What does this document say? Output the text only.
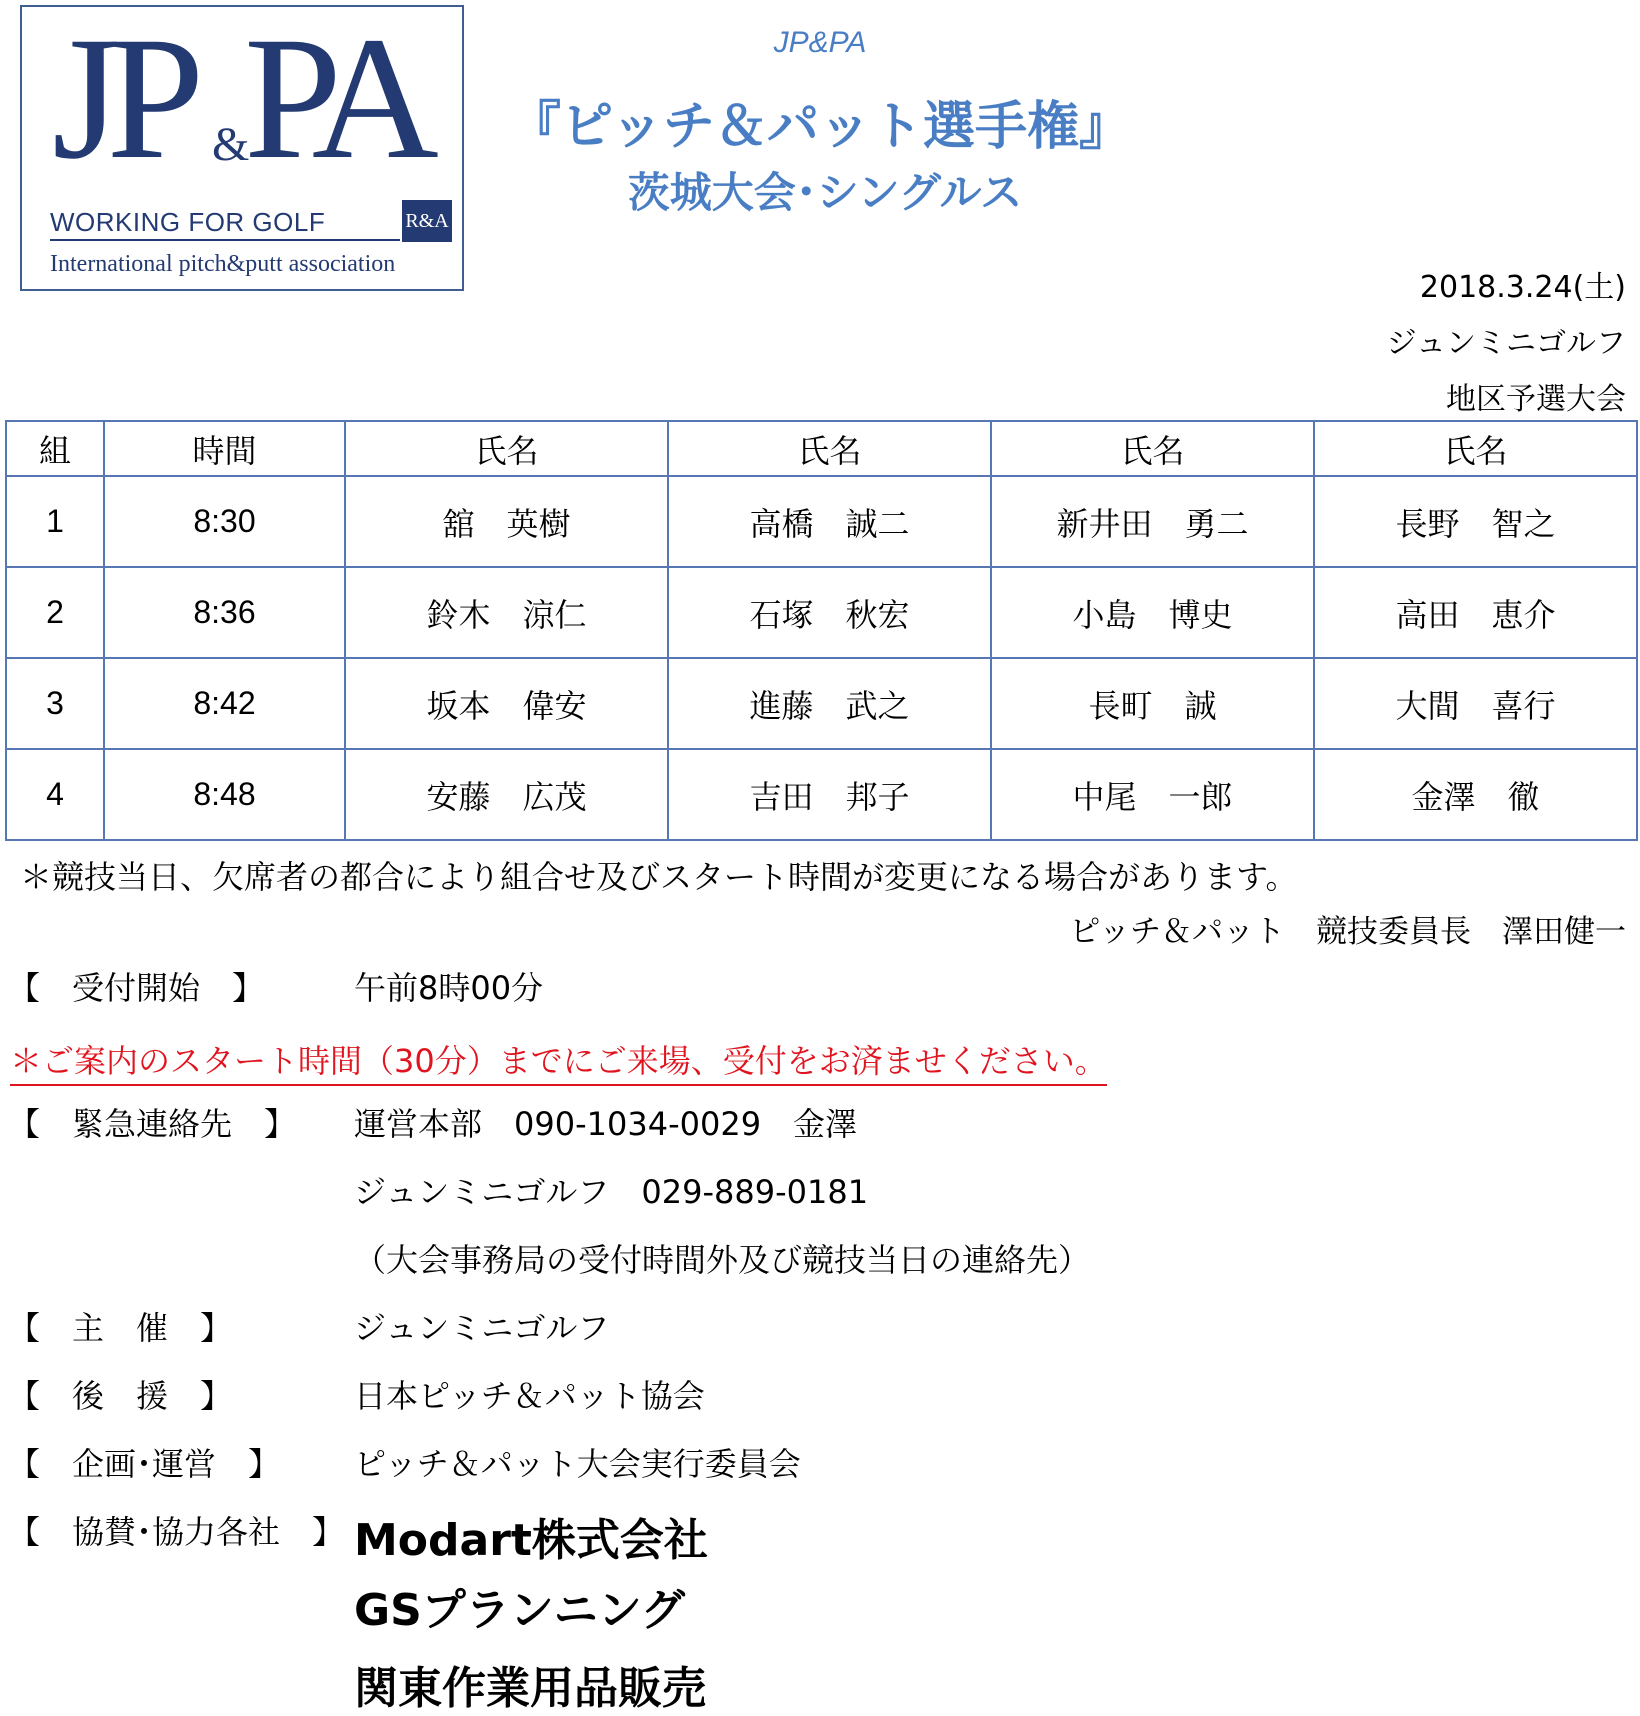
JP &
PA
WORKING FOR GOLF	R&A
International pitch&putt association
JP&PA
『ピッチ＆パット選手権』
茨城大会･シングルス
2018.3.24(土)
ジュンミニゴルフ
地区予選大会
組	時間	氏名	氏名	氏名	氏名
1	8:30	舘　英樹	高橋　誠二	新井田　勇二	長野　智之
2	8:36	鈴木　涼仁	石塚　秋宏	小島　博史	高田　恵介
3	8:42	坂本　偉安	進藤　武之	長町　誠	大間　喜行
4	8:48	安藤　広茂	吉田　邦子	中尾　一郎	金澤　徹
＊競技当日、欠席者の都合により組合せ及びスタート時間が変更になる場合があります。
ピッチ＆パット　競技委員長　澤田健一
【　受付開始　】	午前8時00分
＊ご案内のスタート時間（30分）までにご来場、受付をお済ませください。
【　緊急連絡先　】 運営本部　090-1034-0029　金澤
ジュンミニゴルフ　029-889-0181
（大会事務局の受付時間外及び競技当日の連絡先）
【　主　催　】	ジュンミニゴルフ
【　後　援　】	日本ピッチ＆パット協会
【　企画･運営　】 ピッチ＆パット大会実行委員会
【　協賛･協力各社　】 Modart株式会社
GSプランニング
関東作業用品販売
